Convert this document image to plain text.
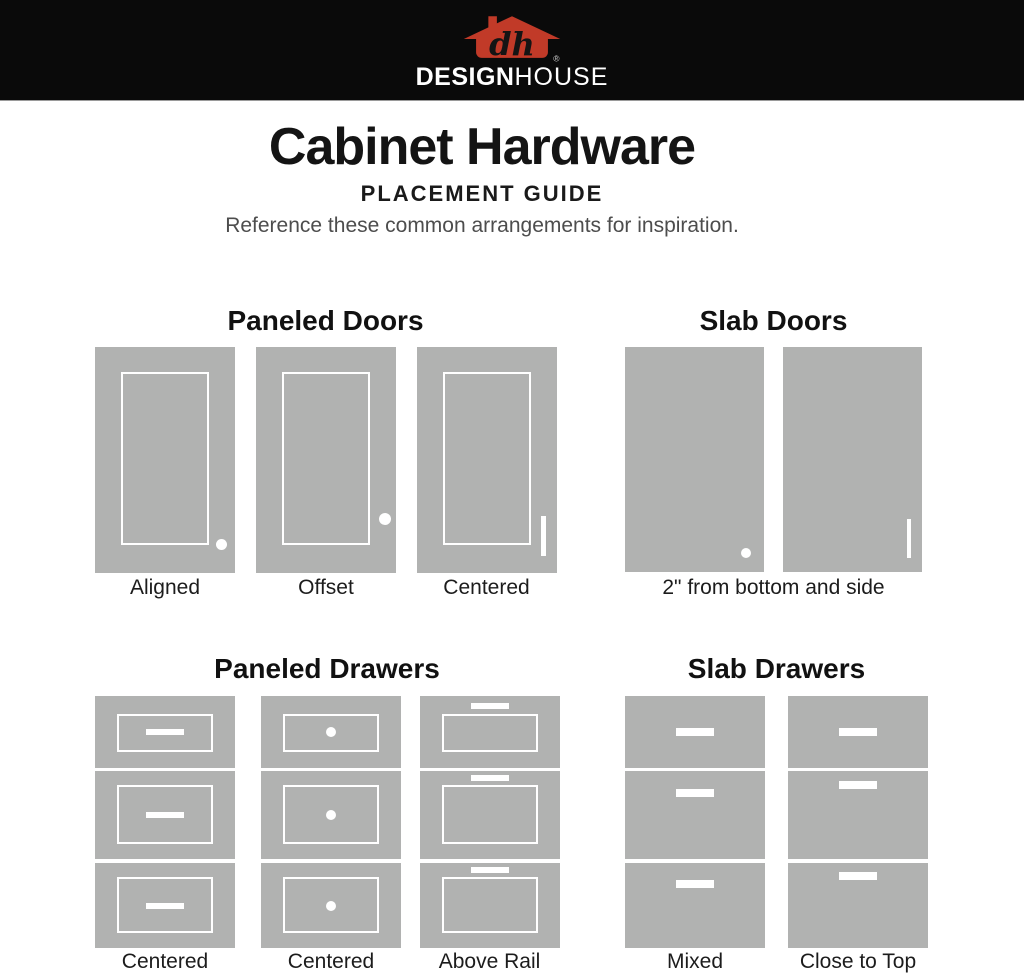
dh ®
DESIGNHOUSE
Cabinet Hardware
PLACEMENT GUIDE

Reference these common arrangements for inspiration.

Paneled Doors	Slab Doors
Paneled Drawers	Slab Drawers
Aligned	Offset	Centered	2" from bottom and side
Centered	Centered	Above Rail	Mixed	Close to Top
